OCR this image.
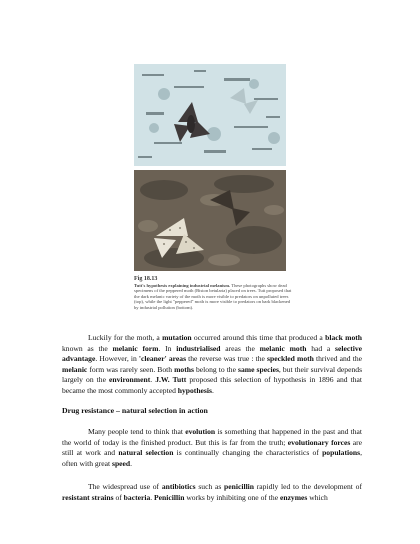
Fig 18.13
Tutt's hypothesis explaining industrial melanism. These photographs show dead specimens of the peppered moth (Biston betularia) placed on trees. Tutt proposed that the dark melanic variety of the moth is more visible to predators on unpolluted trees (top), while the light "peppered" moth is more visible to predators on bark blackened by industrial pollution (bottom).

Luckily for the moth, a mutation occurred around this time that produced a black moth known as the melanic form. In industrialised areas the melanic moth had a selective advantage. However, in 'cleaner' areas the reverse was true : the speckled moth thrived and the melanic form was rarely seen. Both moths belong to the same species, but their survival depends largely on the environment. J.W. Tutt proposed this selection of hypothesis in 1896 and that became the most commonly accepted hypothesis.

Drug resistance – natural selection in action

Many people tend to think that evolution is something that happened in the past and that the world of today is the finished product. But this is far from the truth; evolutionary forces are still at work and natural selection is continually changing the characteristics of populations, often with great speed.

The widespread use of antibiotics such as penicillin rapidly led to the development of resistant strains of bacteria. Penicillin works by inhibiting one of the enzymes which
